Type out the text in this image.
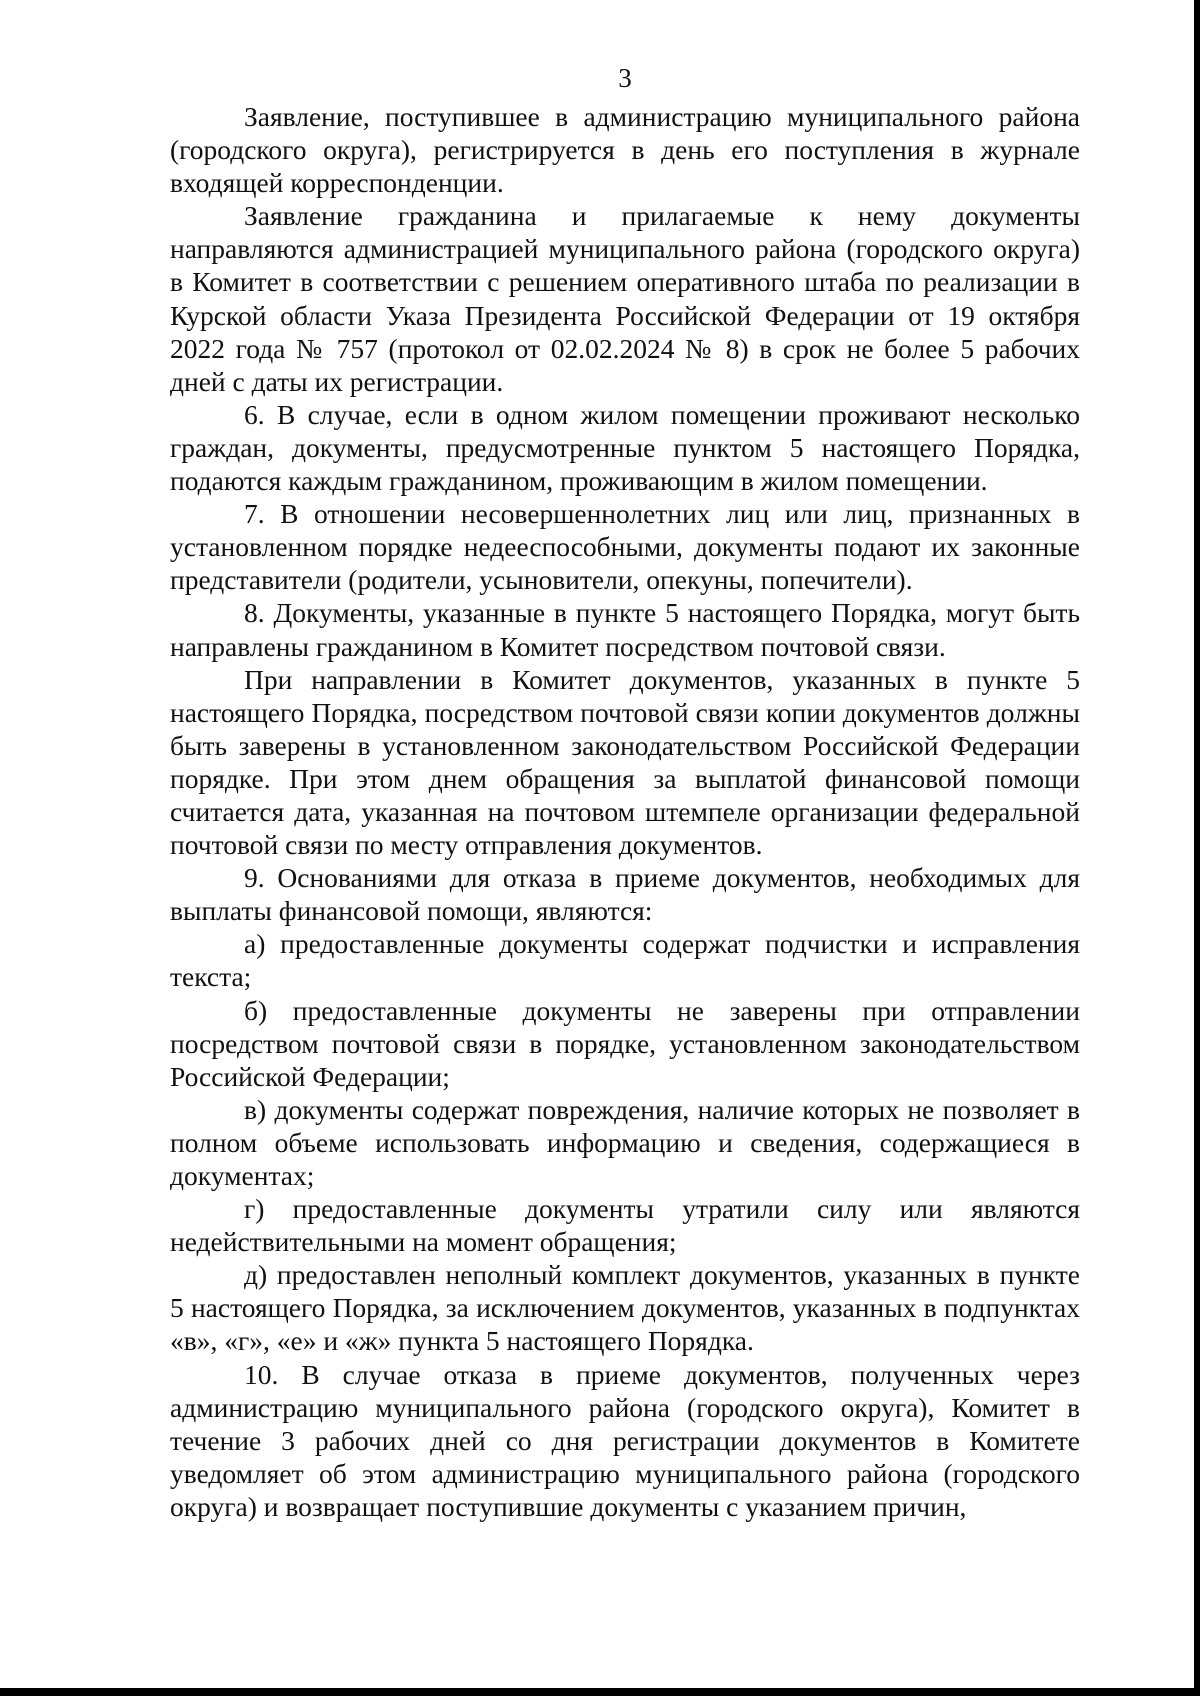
3

Заявление, поступившее в администрацию муниципального района (городского округа), регистрируется в день его поступления в журнале входящей корреспонденции.

Заявление гражданина и прилагаемые к нему документы направляются администрацией муниципального района (городского округа) в Комитет в соответствии с решением оперативного штаба по реализации в Курской области Указа Президента Российской Федерации от 19 октября 2022 года № 757 (протокол от 02.02.2024 № 8) в срок не более 5 рабочих дней с даты их регистрации.

6. В случае, если в одном жилом помещении проживают несколько граждан, документы, предусмотренные пунктом 5 настоящего Порядка, подаются каждым гражданином, проживающим в жилом помещении.

7. В отношении несовершеннолетних лиц или лиц, признанных в установленном порядке недееспособными, документы подают их законные представители (родители, усыновители, опекуны, попечители).

8. Документы, указанные в пункте 5 настоящего Порядка, могут быть направлены гражданином в Комитет посредством почтовой связи.

При направлении в Комитет документов, указанных в пункте 5 настоящего Порядка, посредством почтовой связи копии документов должны быть заверены в установленном законодательством Российской Федерации порядке. При этом днем обращения за выплатой финансовой помощи считается дата, указанная на почтовом штемпеле организации федеральной почтовой связи по месту отправления документов.

9. Основаниями для отказа в приеме документов, необходимых для выплаты финансовой помощи, являются:

а) предоставленные документы содержат подчистки и исправления текста;

б) предоставленные документы не заверены при отправлении посредством почтовой связи в порядке, установленном законодательством Российской Федерации;

в) документы содержат повреждения, наличие которых не позволяет в полном объеме использовать информацию и сведения, содержащиеся в документах;

г) предоставленные документы утратили силу или являются недействительными на момент обращения;

д) предоставлен неполный комплект документов, указанных в пункте 5 настоящего Порядка, за исключением документов, указанных в подпунктах «в», «г», «е» и «ж» пункта 5 настоящего Порядка.

10. В случае отказа в приеме документов, полученных через администрацию муниципального района (городского округа), Комитет в течение 3 рабочих дней со дня регистрации документов в Комитете уведомляет об этом администрацию муниципального района (городского округа) и возвращает поступившие документы с указанием причин,
